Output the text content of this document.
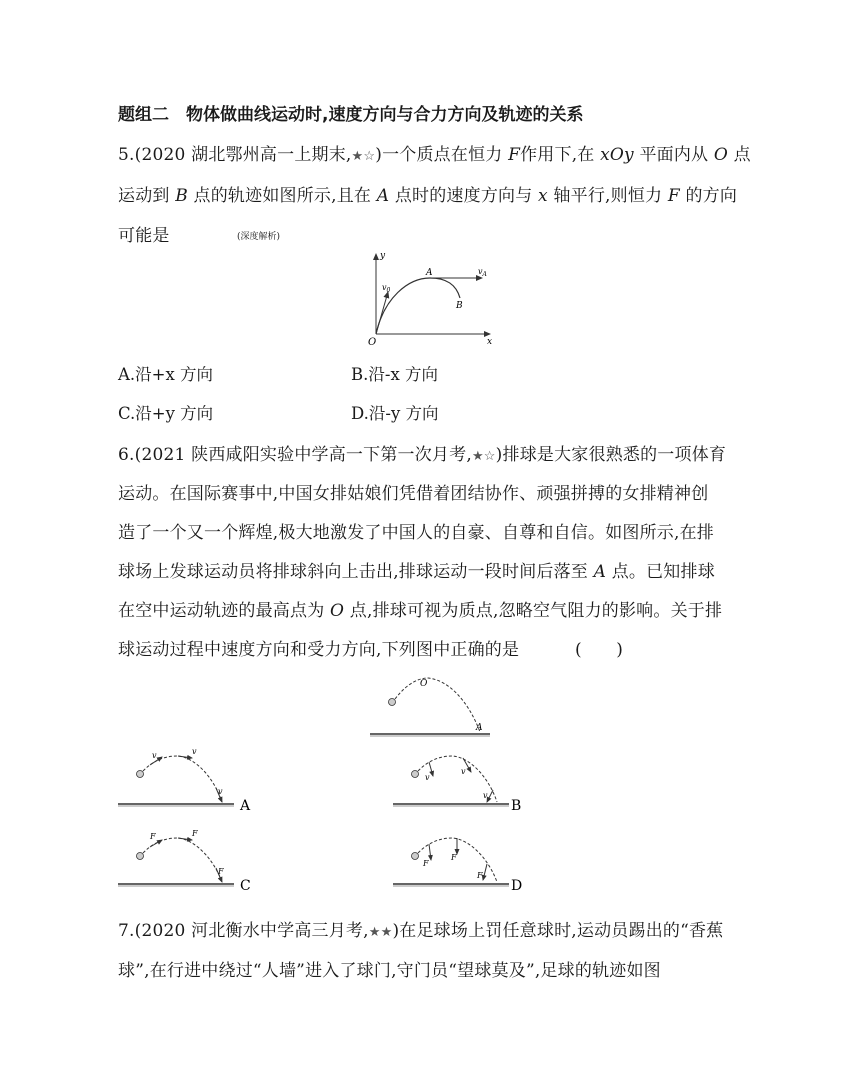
题组二　物体做曲线运动时,速度方向与合力方向及轨迹的关系
5.(2020 湖北鄂州高一上期末,★☆)一个质点在恒力 F作用下,在 xOy 平面内从 O 点
运动到 B 点的轨迹如图所示,且在 A 点时的速度方向与 x 轴平行,则恒力 F 的方向
可能是	(深度解析)
y
x
O
A
B
$v_0$
$v_A$
A.沿+x 方向	B.沿-x 方向
C.沿+y 方向	D.沿-y 方向
6.(2021 陕西咸阳实验中学高一下第一次月考,★☆)排球是大家很熟悉的一项体育
运动。在国际赛事中,中国女排姑娘们凭借着团结协作、顽强拼搏的女排精神创
造了一个又一个辉煌,极大地激发了中国人的自豪、自尊和自信。如图所示,在排
球场上发球运动员将排球斜向上击出,排球运动一段时间后落至 A 点。已知排球
在空中运动轨迹的最高点为 O 点,排球可视为质点,忽略空气阻力的影响。关于排
球运动过程中速度方向和受力方向,下列图中正确的是	(　　)
O
A
v	v
v
A
v
v
v
B
F	F
F
C
F
F
F
D
7.(2020 河北衡水中学高三月考,★★)在足球场上罚任意球时,运动员踢出的“香蕉
球”,在行进中绕过“人墙”进入了球门,守门员“望球莫及”,足球的轨迹如图
